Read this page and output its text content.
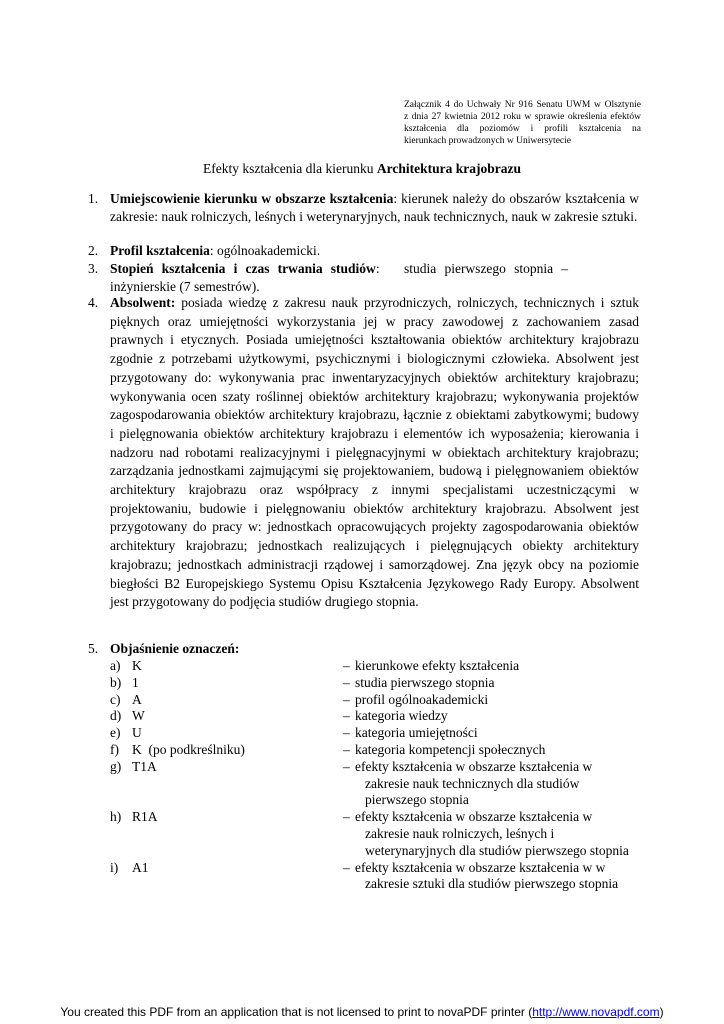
Załącznik 4 do Uchwały Nr 916 Senatu UWM w Olsztynie
z dnia 27 kwietnia 2012 roku w sprawie określenia efektów
kształcenia dla poziomów i profili kształcenia na
kierunkach prowadzonych w Uniwersytecie
Efekty kształcenia dla kierunku Architektura krajobrazu
1. Umiejscowienie kierunku w obszarze kształcenia: kierunek należy do obszarów kształcenia w zakresie: nauk rolniczych, leśnych i weterynaryjnych, nauk technicznych, nauk w zakresie sztuki.
2. Profil kształcenia: ogólnoakademicki.
3. Stopień kształcenia i czas trwania studiów:   studia pierwszego stopnia – inżynierskie (7 semestrów).
4. Absolwent: posiada wiedzę z zakresu nauk przyrodniczych, rolniczych, technicznych i sztuk pięknych oraz umiejętności wykorzystania jej w pracy zawodowej z zachowaniem zasad prawnych i etycznych. Posiada umiejętności kształtowania obiektów architektury krajobrazu zgodnie z potrzebami użytkowymi, psychicznymi i biologicznymi człowieka. Absolwent jest przygotowany do: wykonywania prac inwentaryzacyjnych obiektów architektury krajobrazu; wykonywania ocen szaty roślinnej obiektów architektury krajobrazu; wykonywania projektów zagospodarowania obiektów architektury krajobrazu, łącznie z obiektami zabytkowymi; budowy i pielęgnowania obiektów architektury krajobrazu i elementów ich wyposażenia; kierowania i nadzoru nad robotami realizacyjnymi i pielęgnacyjnymi w obiektach architektury krajobrazu; zarządzania jednostkami zajmującymi się projektowaniem, budową i pielęgnowaniem obiektów architektury krajobrazu oraz współpracy z innymi specjalistami uczestniczącymi w projektowaniu, budowie i pielęgnowaniu obiektów architektury krajobrazu. Absolwent jest przygotowany do pracy w: jednostkach opracowujących projekty zagospodarowania obiektów architektury krajobrazu; jednostkach realizujących i pielęgnujących obiekty architektury krajobrazu; jednostkach administracji rządowej i samorządowej. Zna język obcy na poziomie biegłości B2 Europejskiego Systemu Opisu Kształcenia Językowego Rady Europy. Absolwent jest przygotowany do podjęcia studiów drugiego stopnia.
5. Objaśnienie oznaczeń:
a) K	– kierunkowe efekty kształcenia
b) 1	– studia pierwszego stopnia
c) A	– profil ogólnoakademicki
d) W	– kategoria wiedzy
e) U	– kategoria umiejętności
f) K  (po podkreślniku)	– kategoria kompetencji społecznych
g) T1A	– efekty kształcenia w obszarze kształcenia w zakresie nauk technicznych dla studiów pierwszego stopnia
h) R1A	– efekty kształcenia w obszarze kształcenia w zakresie nauk rolniczych, leśnych i weterynaryjnych dla studiów pierwszego stopnia
i) A1	– efekty kształcenia w obszarze kształcenia w w zakresie sztuki dla studiów pierwszego stopnia
You created this PDF from an application that is not licensed to print to novaPDF printer (http://www.novapdf.com)
